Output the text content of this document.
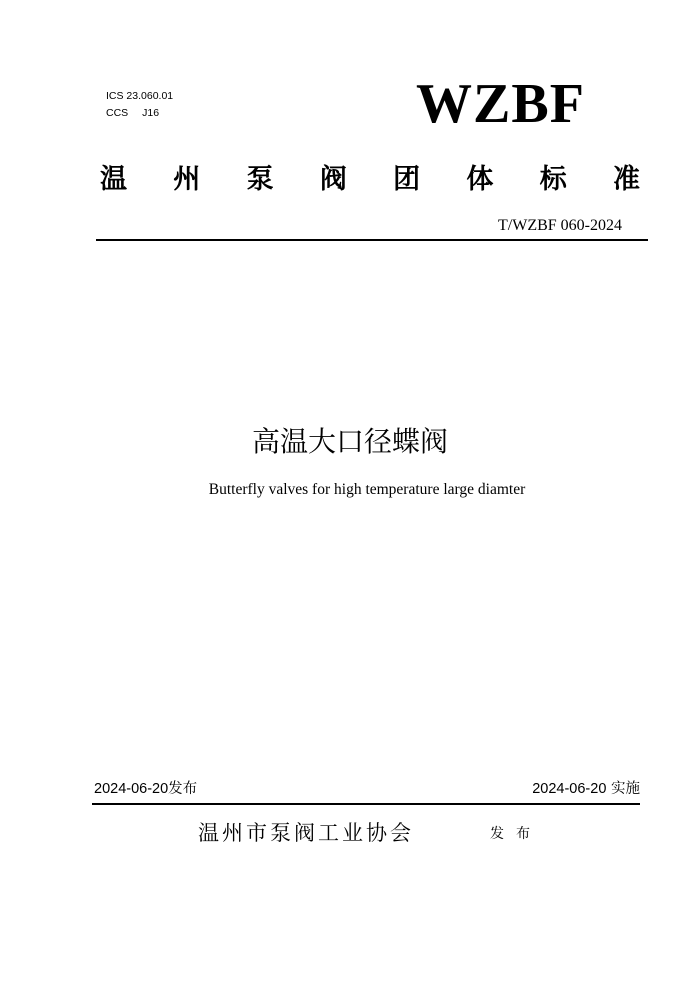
ICS 23.060.01
CCS J16	WZBF
温 州 泵 阀 团 体 标 准
T/WZBF 060-2024
高温大口径蝶阀
Butterfly valves for high temperature large diamter
2024-06-20发布	2024-06-20 实施
温州市泵阀工业协会	发布
